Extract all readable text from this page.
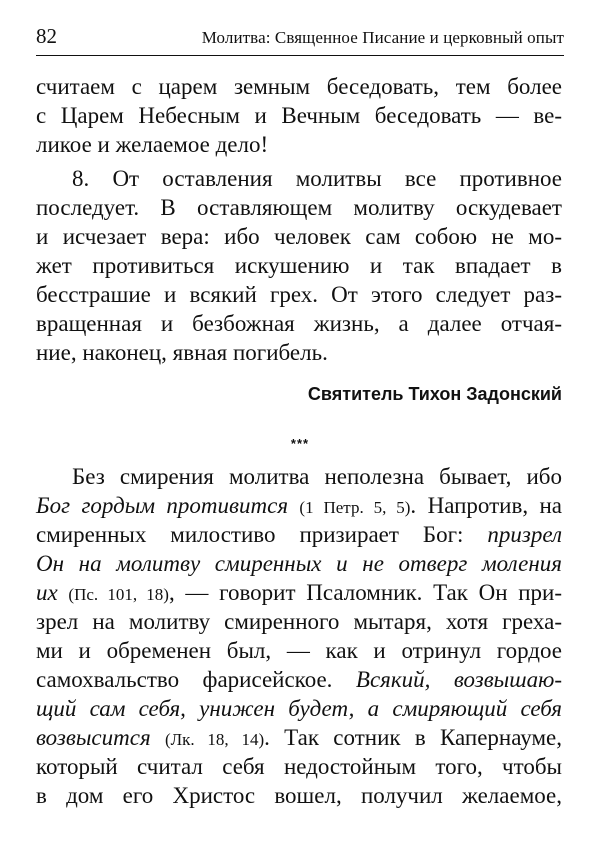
82	Молитва: Священное Писание и церковный опыт
считаем с царем земным беседовать, тем более
с Царем Небесным и Вечным беседовать — ве-
ликое и желаемое дело!
8. От оставления молитвы все противное
последует. В оставляющем молитву оскудевает
и исчезает вера: ибо человек сам собою не мо-
жет противиться искушению и так впадает в
бесстрашие и всякий грех. От этого следует раз-
вращенная и безбожная жизнь, а далее отчая-
ние, наконец, явная погибель.
Святитель Тихон Задонский
***
Без смирения молитва неполезна бывает, ибо
Бог гордым противится (1 Петр. 5, 5). Напротив, на
смиренных милостиво призирает Бог: призрел
Он на молитву смиренных и не отверг моления
их (Пс. 101, 18), — говорит Псаломник. Так Он при-
зрел на молитву смиренного мытаря, хотя греха-
ми и обременен был, — как и отринул гордое
самохвальство фарисейское. Всякий, возвышаю-
щий сам себя, унижен будет, а смиряющий себя
возвысится (Лк. 18, 14). Так сотник в Капернауме,
который считал себя недостойным того, чтобы
в дом его Христос вошел, получил желаемое,
